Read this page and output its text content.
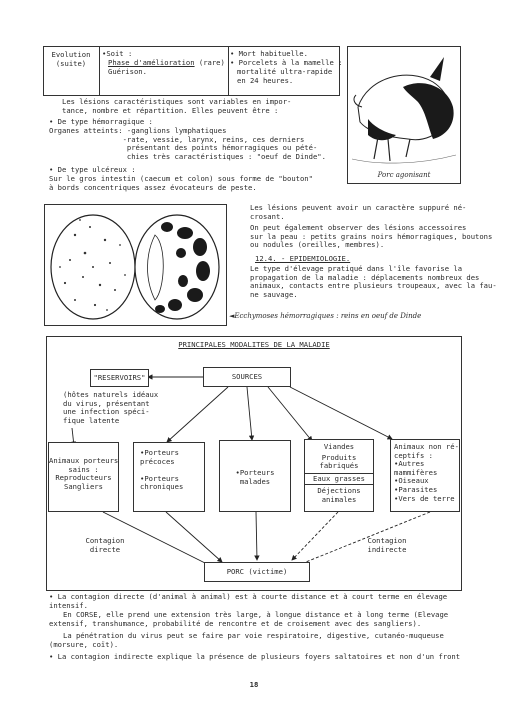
Evolution
(suite)
•Soit :
Phase d'amélioration (rare)
Guérison.
• Mort habituelle.
• Porcelets à la mamelle :
mortalité ultra-rapide
en 24 heures.
Les lésions caractéristiques sont variables en impor-
tance, nombre et répartition. Elles peuvent être :
• De type hémorragique :
Organes atteints: -ganglions lymphatiques
-rate, vessie, larynx, reins, ces derniers
présentant des points hémorragiques ou pété-
chies très caractéristiques : "oeuf de Dinde".
• De type ulcéreux :
Sur le gros intestin (caecum et colon) sous forme de "bouton"
à bords concentriques assez évocateurs de peste.
Porc agonisant
Les lésions peuvent avoir un caractère suppuré né-
crosant.
On peut également observer des lésions accessoires
sur la peau : petits grains noirs hémorragiques, boutons
ou nodules (oreilles, membres).
12.4. - EPIDEMIOLOGIE.
Le type d'élevage pratiqué dans l'île favorise la
propagation de la maladie : déplacements nombreux des
animaux, contacts entre plusieurs troupeaux, avec la fau-
ne sauvage.
◄Ecchymoses hémorragiques : reins en oeuf de Dinde
PRINCIPALES MODALITES DE LA MALADIE
"RESERVOIRS"
(hôtes naturels idéaux
du virus, présentant
une infection spéci-
fique latente
SOURCES
Animaux porteurs
sains :
Reproducteurs
Sangliers
•Porteurs
précoces

•Porteurs
chroniques
•Porteurs
malades
Viandes
Produits
fabriqués
Eaux grasses
Déjections
animales
Animaux non ré-
ceptifs :
•Autres
mammifères
•Oiseaux
•Parasites
•Vers de terre
Contagion
directe
Contagion
indirecte
PORC (victime)
• La contagion directe (d'animal à animal) est à courte distance et à court terme en élevage
intensif.
En CORSE, elle prend une extension très large, à longue distance et à long terme (Elevage
extensif, transhumance, probabilité de rencontre et de croisement avec des sangliers).
La pénétration du virus peut se faire par voie respiratoire, digestive, cutanéo-muqueuse
(morsure, coït).
• La contagion indirecte explique la présence de plusieurs foyers saltatoires et non d'un front
18
